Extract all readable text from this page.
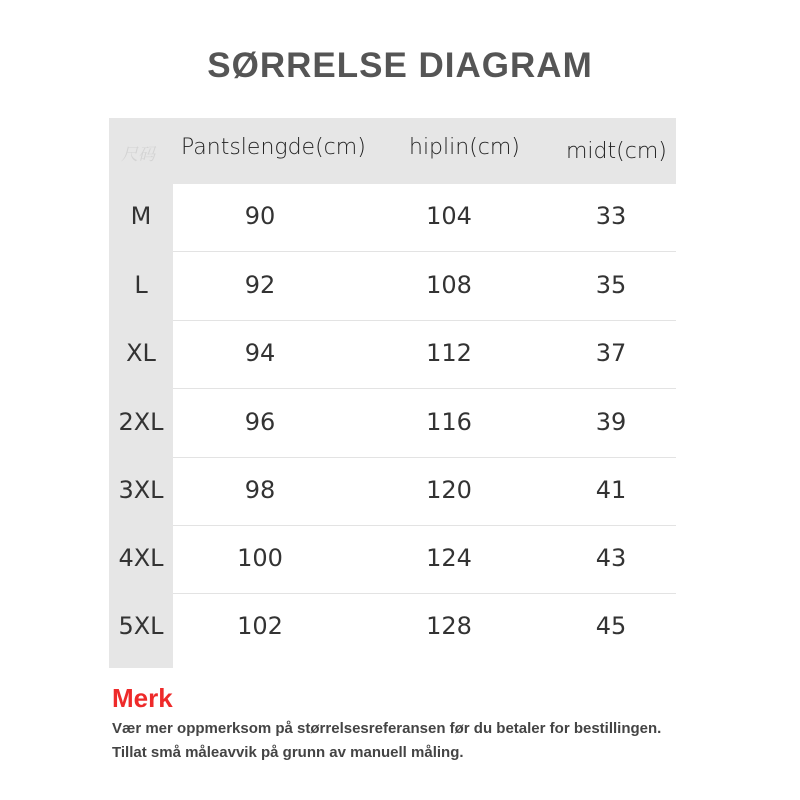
SØRRELSE DIAGRAM
尺码 Pantslengde(cm) hiplin(cm) midt(cm)
M	90	104	33
L	92	108	35
XL	94	112	37
2XL	96	116	39
3XL	98	120	41
4XL	100	124	43
5XL	102	128	45
Merk
Vær mer oppmerksom på størrelsesreferansen før du betaler for bestillingen.
Tillat små måleavvik på grunn av manuell måling.
